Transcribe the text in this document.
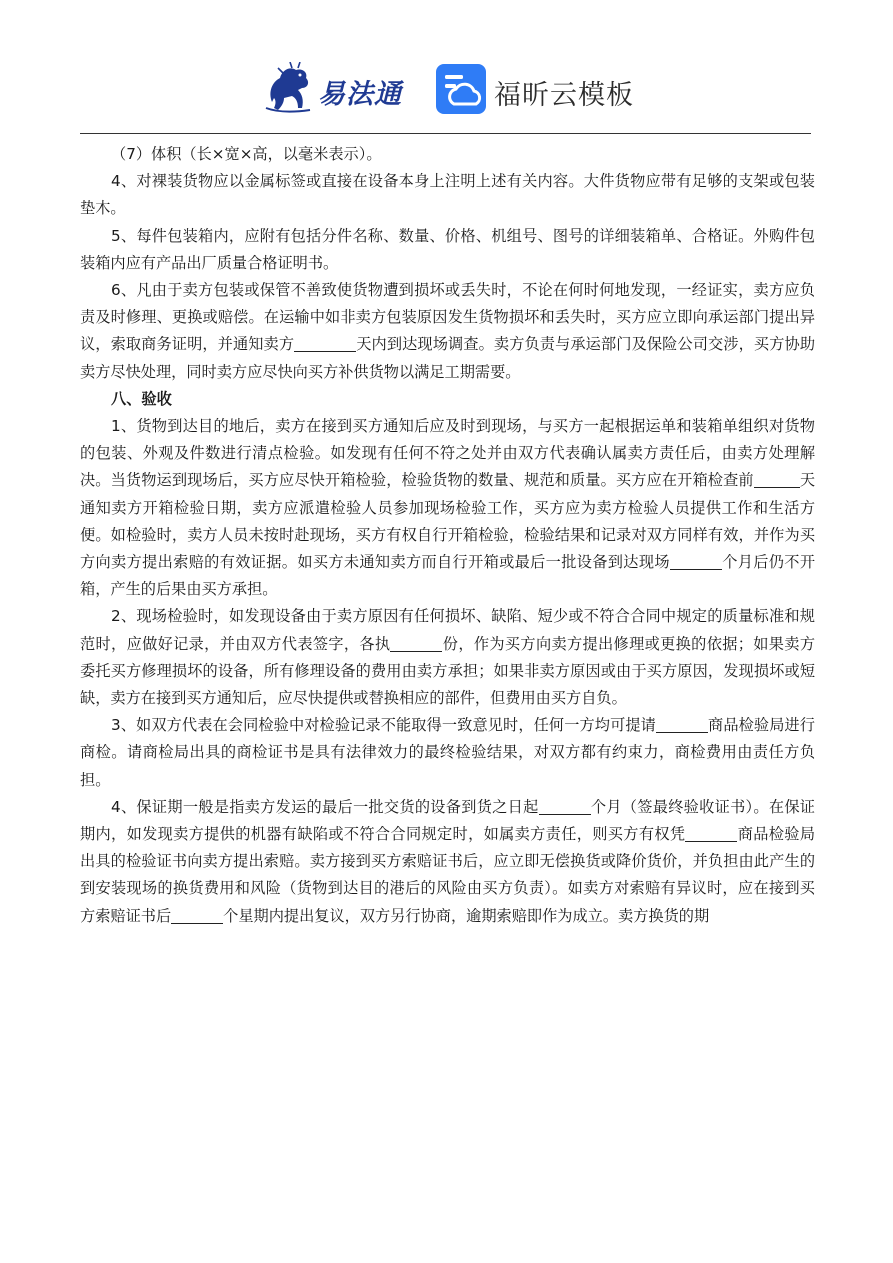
易法通	福昕云模板

（7）体积（长×宽×高，以毫米表示）。

4、对裸装货物应以金属标签或直接在设备本身上注明上述有关内容。大件货物应带有足够的支架或包装垫木。

5、每件包装箱内，应附有包括分件名称、数量、价格、机组号、图号的详细装箱单、合格证。外购件包装箱内应有产品出厂质量合格证明书。

6、凡由于卖方包装或保管不善致使货物遭到损坏或丢失时，不论在何时何地发现，一经证实，卖方应负责及时修理、更换或赔偿。在运输中如非卖方包装原因发生货物损坏和丢失时，买方应立即向承运部门提出异议，索取商务证明，并通知卖方	天内到达现场调查。卖方负责与承运部门及保险公司交涉，买方协助卖方尽快处理，同时卖方应尽快向买方补供货物以满足工期需要。

八、验收

1、货物到达目的地后，卖方在接到买方通知后应及时到现场，与买方一起根据运单和装箱单组织对货物的包装、外观及件数进行清点检验。如发现有任何不符之处并由双方代表确认属卖方责任后，由卖方处理解决。当货物运到现场后，买方应尽快开箱检验，检验货物的数量、规范和质量。买方应在开箱检查前	天通知卖方开箱检验日期，卖方应派遣检验人员参加现场检验工作，买方应为卖方检验人员提供工作和生活方便。如检验时，卖方人员未按时赴现场，买方有权自行开箱检验，检验结果和记录对双方同样有效，并作为买方向卖方提出索赔的有效证据。如买方未通知卖方而自行开箱或最后一批设备到达现场	个月后仍不开箱，产生的后果由买方承担。

2、现场检验时，如发现设备由于卖方原因有任何损坏、缺陷、短少或不符合合同中规定的质量标准和规范时，应做好记录，并由双方代表签字，各执	份，作为买方向卖方提出修理或更换的依据；如果卖方委托买方修理损坏的设备，所有修理设备的费用由卖方承担；如果非卖方原因或由于买方原因，发现损坏或短缺，卖方在接到买方通知后，应尽快提供或替换相应的部件，但费用由买方自负。

3、如双方代表在会同检验中对检验记录不能取得一致意见时，任何一方均可提请	商品检验局进行商检。请商检局出具的商检证书是具有法律效力的最终检验结果，对双方都有约束力，商检费用由责任方负担。

4、保证期一般是指卖方发运的最后一批交货的设备到货之日起	个月（签最终验收证书）。在保证期内，如发现卖方提供的机器有缺陷或不符合合同规定时，如属卖方责任，则买方有权凭	商品检验局出具的检验证书向卖方提出索赔。卖方接到买方索赔证书后，应立即无偿换货或降价货价，并负担由此产生的到安装现场的换货费用和风险（货物到达目的港后的风险由买方负责）。如卖方对索赔有异议时，应在接到买方索赔证书后	个星期内提出复议，双方另行协商，逾期索赔即作为成立。卖方换货的期
